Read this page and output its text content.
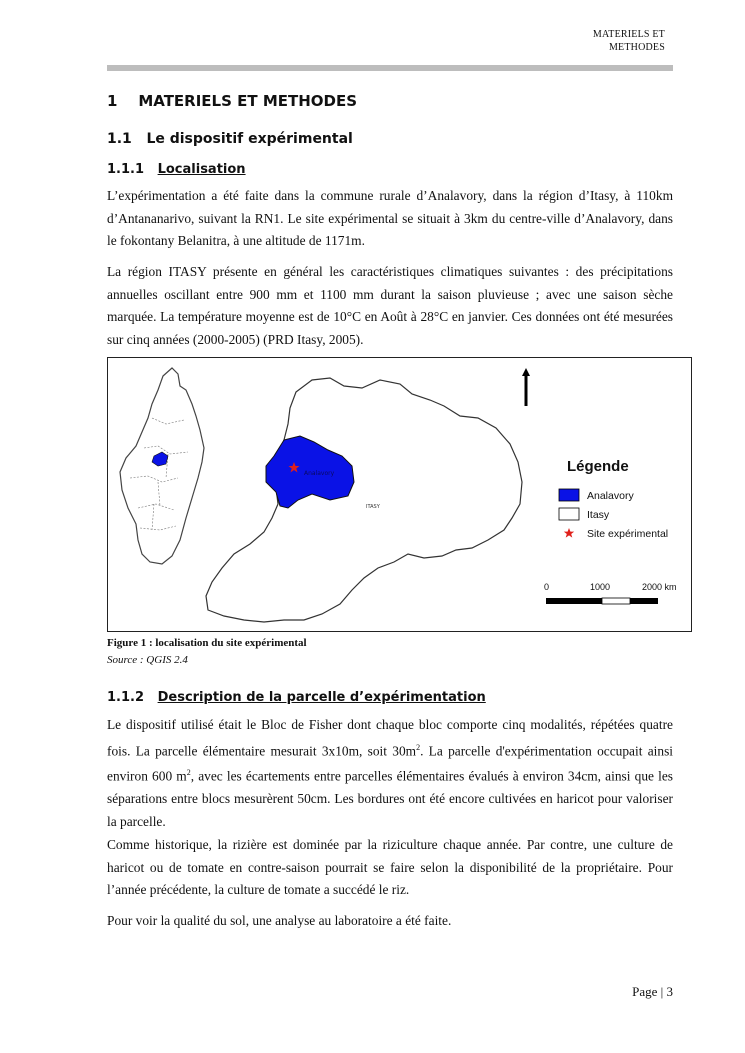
MATERIELS ET
METHODES
1 MATERIELS ET METHODES
1.1 Le dispositif expérimental
1.1.1 Localisation

L’expérimentation a été faite dans la commune rurale d’Analavory, dans la région d’Itasy, à 110km d’Antananarivo, suivant la RN1. Le site expérimental se situait à 3km du centre-ville d’Analavory, dans le fokontany Belanitra, à une altitude de 1171m.

La région ITASY présente en général les caractéristiques climatiques suivantes : des précipitations annuelles oscillant entre 900 mm et 1100 mm durant la saison pluvieuse ; avec une saison sèche marquée. La température moyenne est de 10°C en Août à 28°C en janvier. Ces données ont été mesurées sur cinq années (2000-2005) (PRD Itasy, 2005).

Analavory
ITASY
Légende
Analavory
Itasy
Site expérimental
0	1000	2000 km
Figure 1 : localisation du site expérimental
Source : QGIS 2.4
1.1.2 Description de la parcelle d’expérimentation

Le dispositif utilisé était le Bloc de Fisher dont chaque bloc comporte cinq modalités, répétées quatre fois. La parcelle élémentaire mesurait 3x10m, soit $30m^2$. La parcelle d'expérimentation occupait ainsi environ 600 $m^2$, avec les écartements entre parcelles élémentaires évalués à environ 34cm, ainsi que les séparations entre blocs mesurèrent 50cm. Les bordures ont été encore cultivées en haricot pour valoriser la parcelle.

Comme historique, la rizière est dominée par la riziculture chaque année. Par contre, une culture de haricot ou de tomate en contre-saison pourrait se faire selon la disponibilité de la propriétaire. Pour l’année précédente, la culture de tomate a succédé le riz.

Pour voir la qualité du sol, une analyse au laboratoire a été faite.

Page | 3
